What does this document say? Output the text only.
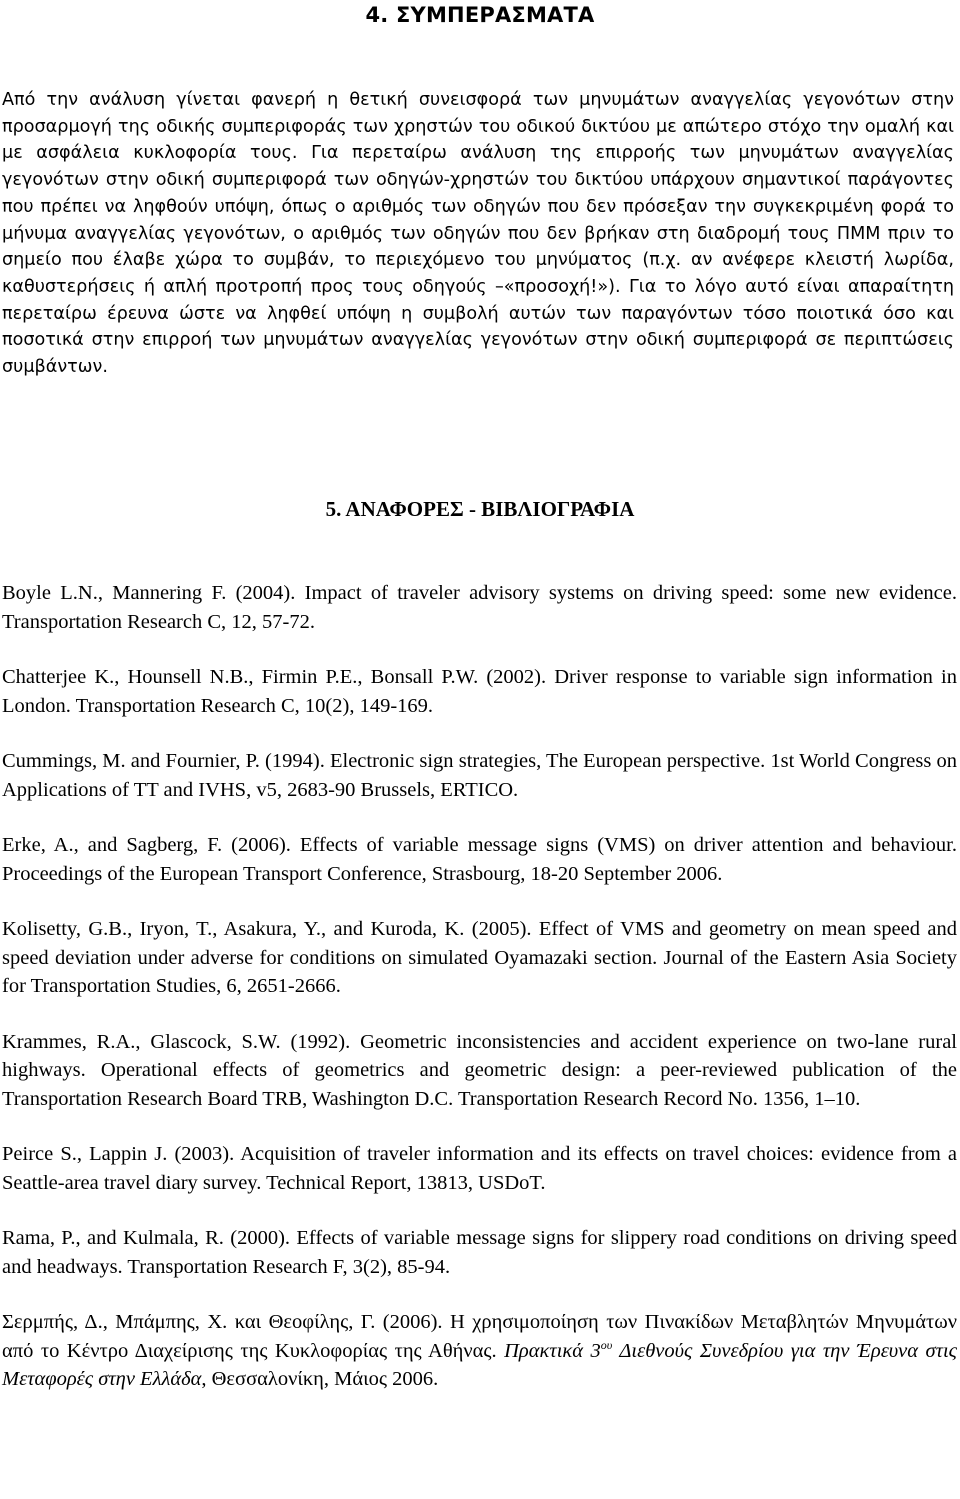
4. ΣΥΜΠΕΡΑΣΜΑΤΑ

Από την ανάλυση γίνεται φανερή η θετική συνεισφορά των μηνυμάτων αναγγελίας γεγονότων στην προσαρμογή της οδικής συμπεριφοράς των χρηστών του οδικού δικτύου με απώτερο στόχο την ομαλή και με ασφάλεια κυκλοφορία τους. Για περεταίρω ανάλυση της επιρροής των μηνυμάτων αναγγελίας γεγονότων στην οδική συμπεριφορά των οδηγών-χρηστών του δικτύου υπάρχουν σημαντικοί παράγοντες που πρέπει να ληφθούν υπόψη, όπως ο αριθμός των οδηγών που δεν πρόσεξαν την συγκεκριμένη φορά το μήνυμα αναγγελίας γεγονότων, ο αριθμός των οδηγών που δεν βρήκαν στη διαδρομή τους ΠΜΜ πριν το σημείο που έλαβε χώρα το συμβάν, το περιεχόμενο του μηνύματος (π.χ. αν ανέφερε κλειστή λωρίδα, καθυστερήσεις ή απλή προτροπή προς τους οδηγούς –«προσοχή!»). Για το λόγο αυτό είναι απαραίτητη περεταίρω έρευνα ώστε να ληφθεί υπόψη η συμβολή αυτών των παραγόντων τόσο ποιοτικά όσο και ποσοτικά στην επιρροή των μηνυμάτων αναγγελίας γεγονότων στην οδική συμπεριφορά σε περιπτώσεις συμβάντων.

5. ΑΝΑΦΟΡΕΣ - ΒΙΒΛΙΟΓΡΑΦΙΑ
Boyle L.N., Mannering F. (2004). Impact of traveler advisory systems on driving speed: some new evidence. Transportation Research C, 12, 57-72.
Chatterjee K., Hounsell N.B., Firmin P.E., Bonsall P.W. (2002). Driver response to variable sign information in London. Transportation Research C, 10(2), 149-169.
Cummings, M. and Fournier, P. (1994). Electronic sign strategies, The European perspective. 1st World Congress on Applications of TT and IVHS, v5, 2683-90 Brussels, ERTICO.
Erke, A., and Sagberg, F. (2006). Effects of variable message signs (VMS) on driver attention and behaviour. Proceedings of the European Transport Conference, Strasbourg, 18-20 September 2006.
Kolisetty, G.B., Iryon, T., Asakura, Y., and Kuroda, K. (2005). Effect of VMS and geometry on mean speed and speed deviation under adverse for conditions on simulated Oyamazaki section. Journal of the Eastern Asia Society for Transportation Studies, 6, 2651-2666.
Krammes, R.A., Glascock, S.W. (1992). Geometric inconsistencies and accident experience on two-lane rural highways. Operational effects of geometrics and geometric design: a peer-reviewed publication of the Transportation Research Board TRB, Washington D.C. Transportation Research Record No. 1356, 1–10.
Peirce S., Lappin J. (2003). Acquisition of traveler information and its effects on travel choices: evidence from a Seattle-area travel diary survey. Technical Report, 13813, USDoT.
Rama, P., and Kulmala, R. (2000). Effects of variable message signs for slippery road conditions on driving speed and headways. Transportation Research F, 3(2), 85-94.
Σερμπής, Δ., Μπάμπης, Χ. και Θεοφίλης, Γ. (2006). Η χρησιμοποίηση των Πινακίδων Μεταβλητών Μηνυμάτων από το Κέντρο Διαχείρισης της Κυκλοφορίας της Αθήνας. Πρακτικά $3^{o\upsilon}$ Διεθνούς Συνεδρίου για την Έρευνα στις Μεταφορές στην Ελλάδα, Θεσσαλονίκη, Μάιος 2006.
